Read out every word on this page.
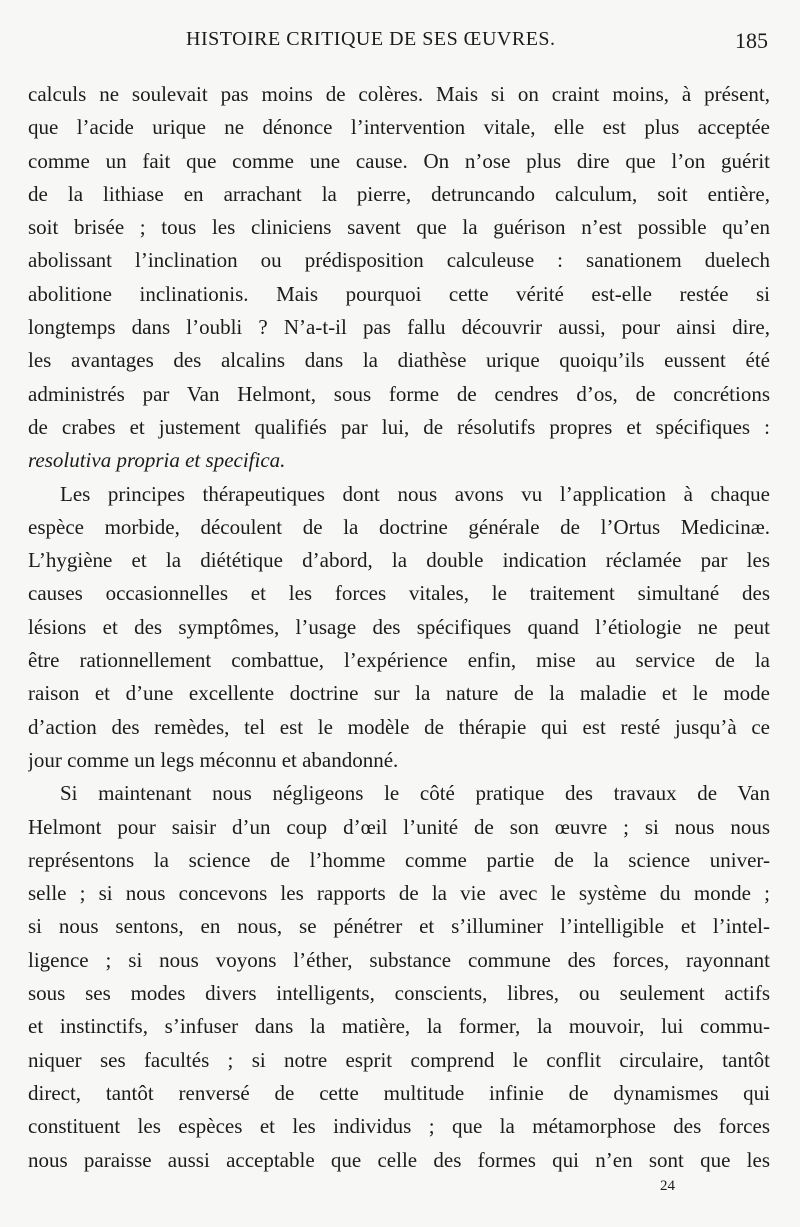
HISTOIRE CRITIQUE DE SES ŒUVRES.	185
calculs ne soulevait pas moins de colères. Mais si on craint moins, à présent,
que l’acide urique ne dénonce l’intervention vitale, elle est plus acceptée
comme un fait que comme une cause. On n’ose plus dire que l’on guérit
de la lithiase en arrachant la pierre, detruncando calculum, soit entière,
soit brisée ; tous les cliniciens savent que la guérison n’est possible qu’en
abolissant l’inclination ou prédisposition calculeuse : sanationem duelech
abolitione inclinationis. Mais pourquoi cette vérité est-elle restée si
longtemps dans l’oubli ? N’a-t-il pas fallu découvrir aussi, pour ainsi dire,
les avantages des alcalins dans la diathèse urique quoiqu’ils eussent été
administrés par Van Helmont, sous forme de cendres d’os, de concrétions
de crabes et justement qualifiés par lui, de résolutifs propres et spécifiques :
resolutiva propria et specifica.
Les principes thérapeutiques dont nous avons vu l’application à chaque
espèce morbide, découlent de la doctrine générale de l’Ortus Medicinæ.
L’hygiène et la diététique d’abord, la double indication réclamée par les
causes occasionnelles et les forces vitales, le traitement simultané des
lésions et des symptômes, l’usage des spécifiques quand l’étiologie ne peut
être rationnellement combattue, l’expérience enfin, mise au service de la
raison et d’une excellente doctrine sur la nature de la maladie et le mode
d’action des remèdes, tel est le modèle de thérapie qui est resté jusqu’à ce
jour comme un legs méconnu et abandonné.
Si maintenant nous négligeons le côté pratique des travaux de Van
Helmont pour saisir d’un coup d’œil l’unité de son œuvre ; si nous nous
représentons la science de l’homme comme partie de la science univer-
selle ; si nous concevons les rapports de la vie avec le système du monde ;
si nous sentons, en nous, se pénétrer et s’illuminer l’intelligible et l’intel-
ligence ; si nous voyons l’éther, substance commune des forces, rayonnant
sous ses modes divers intelligents, conscients, libres, ou seulement actifs
et instinctifs, s’infuser dans la matière, la former, la mouvoir, lui commu-
niquer ses facultés ; si notre esprit comprend le conflit circulaire, tantôt
direct, tantôt renversé de cette multitude infinie de dynamismes qui
constituent les espèces et les individus ; que la métamorphose des forces
nous paraisse aussi acceptable que celle des formes qui n’en sont que les
24
